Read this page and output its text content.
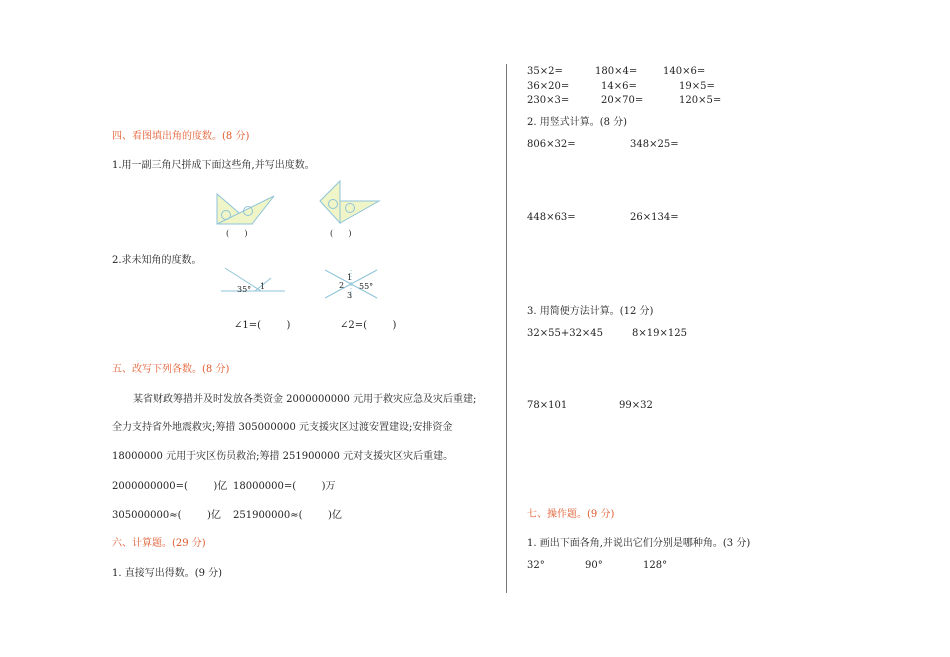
四、看图填出角的度数。(8 分)
1.用一副三角尺拼成下面这些角,并写出度数。
(      )	(      )
2.求未知角的度数。
35° 1
1
2 55°
3
∠1=(        )	∠2=(        )
五、改写下列各数。(8 分)
某省财政筹措并及时发放各类资金 2000000000 元用于救灾应急及灾后重建;
全力支持省外地震救灾;筹措 305000000 元支援灾区过渡安置建设;安排资金
18000000 元用于灾区伤员救治;筹措 251900000 元对支援灾区灾后重建。
2000000000=(        )亿 18000000=(        )万
305000000≈(        )亿 251900000≈(        )亿
六、计算题。(29 分)
1. 直接写出得数。(9 分)
35×2=	180×4=	140×6=
36×20=	14×6=	19×5=
230×3=	20×70=	120×5=
2. 用竖式计算。(8 分)
806×32=	348×25=
448×63=	26×134=
3. 用简便方法计算。(12 分)
32×55+32×45	8×19×125
78×101	99×32
七、操作题。(9 分)
1. 画出下面各角,并说出它们分别是哪种角。(3 分)
32°	90°	128°
